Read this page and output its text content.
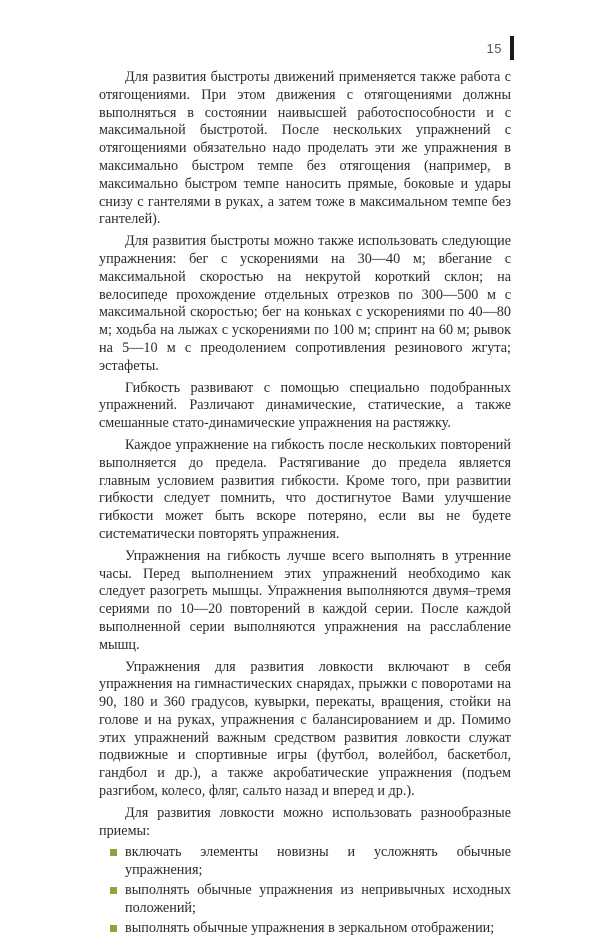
15

Для развития быстроты движений применяется также работа с отягощениями. При этом движения с отягощениями должны выполняться в состоянии наивысшей работоспособности и с максимальной быстротой. После нескольких упражнений с отягощениями обязательно надо проделать эти же упражнения в максимально быстром темпе без отягощения (например, в максимально быстром темпе наносить прямые, боковые и удары снизу с гантелями в руках, а затем тоже в максимальном темпе без гантелей).

Для развития быстроты можно также использовать следующие упражнения: бег с ускорениями на 30—40 м; вбегание с максимальной скоростью на некрутой короткий склон; на велосипеде прохождение отдельных отрезков по 300—500 м с максимальной скоростью; бег на коньках с ускорениями по 40—80 м; ходьба на лыжах с ускорениями по 100 м; спринт на 60 м; рывок на 5—10 м с преодолением сопротивления резинового жгута; эстафеты.

Гибкость развивают с помощью специально подобранных упражнений. Различают динамические, статические, а также смешанные стато-динамические упражнения на растяжку.

Каждое упражнение на гибкость после нескольких повторений выполняется до предела. Растягивание до предела является главным условием развития гибкости. Кроме того, при развитии гибкости следует помнить, что достигнутое Вами улучшение гибкости может быть вскоре потеряно, если вы не будете систематически повторять упражнения.

Упражнения на гибкость лучше всего выполнять в утренние часы. Перед выполнением этих упражнений необходимо как следует разогреть мышцы. Упражнения выполняются двумя–тремя сериями по 10—20 повторений в каждой серии. После каждой выполненной серии выполняются упражнения на расслабление мышц.

Упражнения для развития ловкости включают в себя упражнения на гимнастических снарядах, прыжки с поворотами на 90, 180 и 360 градусов, кувырки, перекаты, вращения, стойки на голове и на руках, упражнения с балансированием и др. Помимо этих упражнений важным средством развития ловкости служат подвижные и спортивные игры (футбол, волейбол, баскетбол, гандбол и др.), а также акробатические упражнения (подъем разгибом, колесо, фляг, сальто назад и вперед и др.).

Для развития ловкости можно использовать разнообразные приемы:

включать элементы новизны и усложнять обычные упражнения;
выполнять обычные упражнения из непривычных исходных положений;
выполнять обычные упражнения в зеркальном отображении;
